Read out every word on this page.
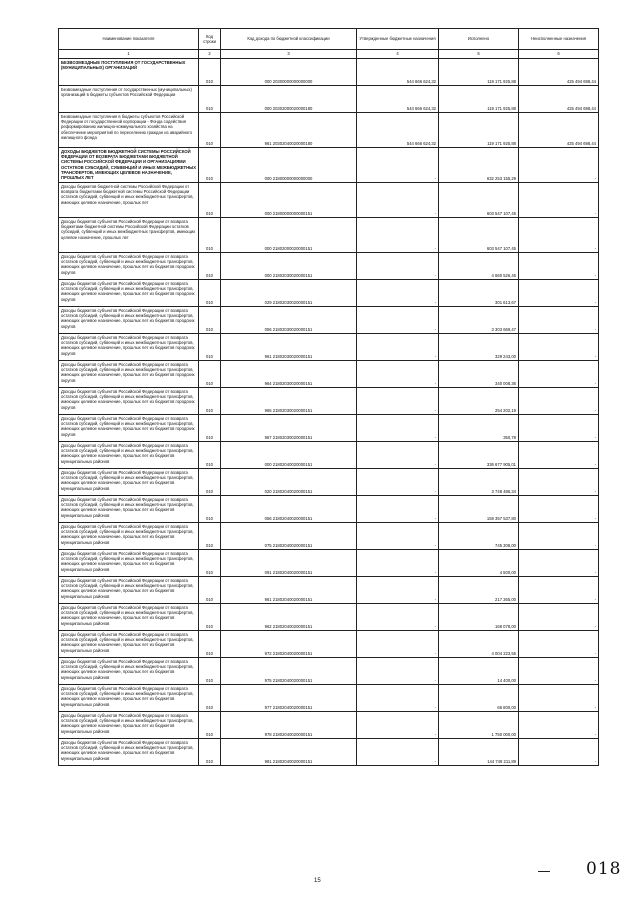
Наименование показателя	Код строки	Код дохода по бюджетной классификации	Утвержденные бюджетные назначения	Исполнено	Неисполненные назначения
1	2	3	4	5	6

БЕЗВОЗМЕЗДНЫЕ ПОСТУПЛЕНИЯ ОТ ГОСУДАРСТВЕННЫХ (МУНИЦИПАЛЬНЫХ) ОРГАНИЗАЦИЙ	010	000 20300000000000000	544 666 624,32	119 171 925,88	425 494 698,44

Безвозмездные поступления от государственных (муниципальных) организаций в бюджеты субъектов Российской Федерации	010	000 20302000020000180	544 666 624,32	119 171 925,88	425 494 698,44

Безвозмездные поступления в бюджеты субъектов Российской Федерации от государственной корпорации - Фонда содействия реформированию жилищно-коммунального хозяйства на обеспечение мероприятий по переселению граждан из аварийного жилищного фонда	010	961 20302040020000180	544 666 624,32	119 171 925,88	425 494 698,44

ДОХОДЫ БЮДЖЕТОВ БЮДЖЕТНОЙ СИСТЕМЫ РОССИЙСКОЙ ФЕДЕРАЦИИ ОТ ВОЗВРАТА БЮДЖЕТАМИ БЮДЖЕТНОЙ СИСТЕМЫ РОССИЙСКОЙ ФЕДЕРАЦИИ И ОРГАНИЗАЦИЯМИ ОСТАТКОВ СУБСИДИЙ, СУБВЕНЦИЙ И ИНЫХ МЕЖБЮДЖЕТНЫХ ТРАНСФЕРТОВ, ИМЕЮЩИХ ЦЕЛЕВОЕ НАЗНАЧЕНИЕ, ПРОШЛЫХ ЛЕТ	010	000 21800000000000000	-	632 253 155,29	-

Доходы бюджетов бюджетной системы Российской Федерации от возврата бюджетами бюджетной системы Российской Федерации остатков субсидий, субвенций и иных межбюджетных трансфертов, имеющих целевое назначение, прошлых лет	010	000 21800000000000151	-	603 547 107,45	-

Доходы бюджетов субъектов Российской Федерации от возврата бюджетами бюджетной системы Российской Федерации остатков субсидий, субвенций и иных межбюджетных трансфертов, имеющих целевое назначение, прошлых лет	010	000 21802000020000151	-	603 547 107,45	-

Доходы бюджетов субъектов Российской Федерации от возврата остатков субсидий, субвенций и иных межбюджетных трансфертов, имеющих целевое назначение, прошлых лет из бюджетов городских округов	010	000 21802030020000151	-	4 660 526,45	-

Доходы бюджетов субъектов Российской Федерации от возврата остатков субсидий, субвенций и иных межбюджетных трансфертов, имеющих целевое назначение, прошлых лет из бюджетов городских округов	010	029 21802030020000151	-	301 613,67	-

Доходы бюджетов субъектов Российской Федерации от возврата остатков субсидий, субвенций и иных межбюджетных трансфертов, имеющих целевое назначение, прошлых лет из бюджетов городских округов	010	056 21802030020000151	-	3 303 669,47	-

Доходы бюджетов субъектов Российской Федерации от возврата остатков субсидий, субвенций и иных межбюджетных трансфертов, имеющих целевое назначение, прошлых лет из бюджетов городских округов	010	961 21802030020000151	-	329 243,00	-

Доходы бюджетов субъектов Российской Федерации от возврата остатков субсидий, субвенций и иных межбюджетных трансфертов, имеющих целевое назначение, прошлых лет из бюджетов городских округов	010	964 21802030020000151	-	340 008,36	-

Доходы бюджетов субъектов Российской Федерации от возврата остатков субсидий, субвенций и иных межбюджетных трансфертов, имеющих целевое назначение, прошлых лет из бюджетов городских округов	010	965 21802030020000151	-	254 202,19	-

Доходы бюджетов субъектов Российской Федерации от возврата остатков субсидий, субвенций и иных межбюджетных трансфертов, имеющих целевое назначение, прошлых лет из бюджетов городских округов	010	967 21802030020000151	-	350,78	-

Доходы бюджетов субъектов Российской Федерации от возврата остатков субсидий, субвенций и иных межбюджетных трансфертов, имеющих целевое назначение, прошлых лет из бюджетов муниципальных районов	010	000 21802040020000151	-	336 677 905,01	-

Доходы бюджетов субъектов Российской Федерации от возврата остатков субсидий, субвенций и иных межбюджетных трансфертов, имеющих целевое назначение, прошлых лет из бюджетов муниципальных районов	010	020 21802040020000151	-	3 748 486,34	-

Доходы бюджетов субъектов Российской Федерации от возврата остатков субсидий, субвенций и иных межбюджетных трансфертов, имеющих целевое назначение, прошлых лет из бюджетов муниципальных районов	010	056 21802040020000151	-	159 357 537,80	-

Доходы бюджетов субъектов Российской Федерации от возврата остатков субсидий, субвенций и иных межбюджетных трансфертов, имеющих целевое назначение, прошлых лет из бюджетов муниципальных районов	010	075 21802040020000151	-	745 308,00	-

Доходы бюджетов субъектов Российской Федерации от возврата остатков субсидий, субвенций и иных межбюджетных трансфертов, имеющих целевое назначение, прошлых лет из бюджетов муниципальных районов	010	091 21802040020000151	-	4 500,00	-

Доходы бюджетов субъектов Российской Федерации от возврата остатков субсидий, субвенций и иных межбюджетных трансфертов, имеющих целевое назначение, прошлых лет из бюджетов муниципальных районов	010	961 21802040020000151	-	217 365,00	-

Доходы бюджетов субъектов Российской Федерации от возврата остатков субсидий, субвенций и иных межбюджетных трансфертов, имеющих целевое назначение, прошлых лет из бюджетов муниципальных районов	010	962 21802040020000151	-	168 078,00	-

Доходы бюджетов субъектов Российской Федерации от возврата остатков субсидий, субвенций и иных межбюджетных трансфертов, имеющих целевое назначение, прошлых лет из бюджетов муниципальных районов	010	972 21802040020000151	-	4 004 223,55	-

Доходы бюджетов субъектов Российской Федерации от возврата остатков субсидий, субвенций и иных межбюджетных трансфертов, имеющих целевое назначение, прошлых лет из бюджетов муниципальных районов	010	975 21802040020000151	-	14 400,00	-

Доходы бюджетов субъектов Российской Федерации от возврата остатков субсидий, субвенций и иных межбюджетных трансфертов, имеющих целевое назначение, прошлых лет из бюджетов муниципальных районов	010	977 21802040020000151	-	66 800,00	-

Доходы бюджетов субъектов Российской Федерации от возврата остатков субсидий, субвенций и иных межбюджетных трансфертов, имеющих целевое назначение, прошлых лет из бюджетов муниципальных районов	010	978 21802040020000151	-	1 750 000,00	-

Доходы бюджетов субъектов Российской Федерации от возврата остатков субсидий, субвенций и иных межбюджетных трансфертов, имеющих целевое назначение, прошлых лет из бюджетов муниципальных районов	010	981 21802040020000151	-	144 749 211,89	-
018
15
